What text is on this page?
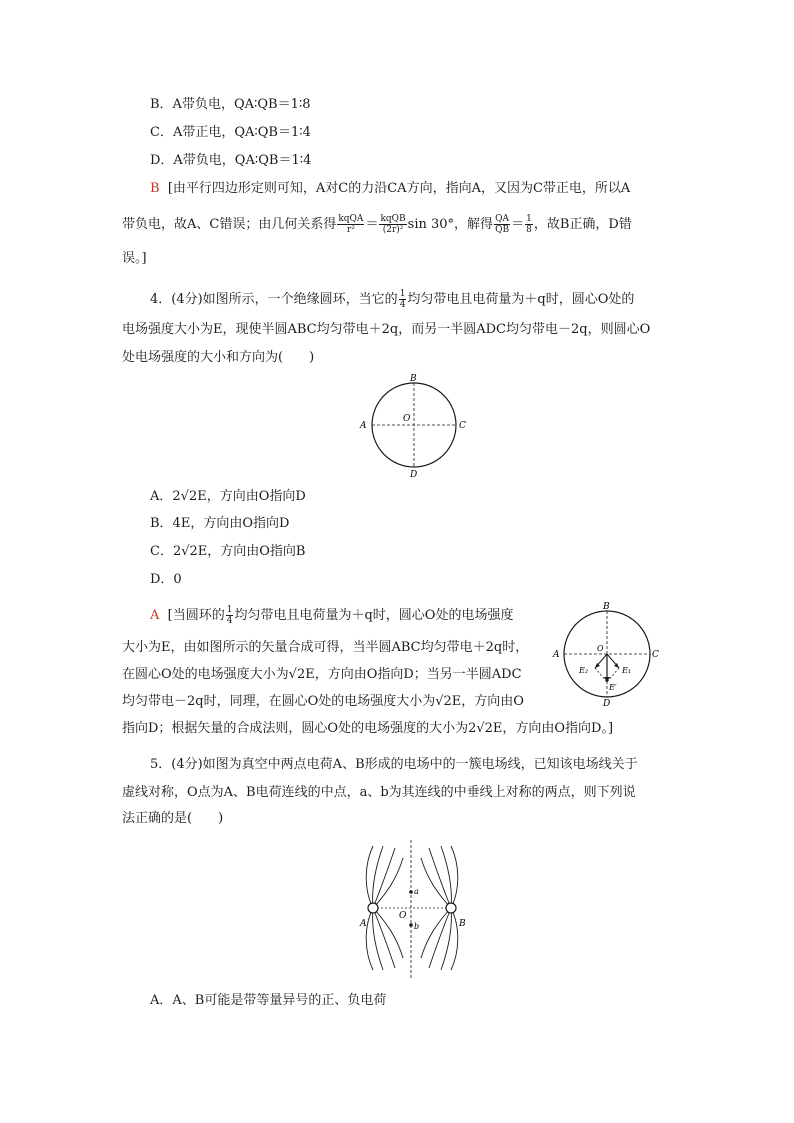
B．A带负电，QA∶QB＝1∶8
C．A带正电，QA∶QB＝1∶4
D．A带负电，QA∶QB＝1∶4
B [由平行四边形定则可知，A对C的力沿CA方向，指向A，又因为C带正电，所以A
带负电，故A、C错误；由几何关系得 $\frac{\text{kqQA}}{\text{r²}} = \frac{\text{kqQB}}{\text{(2r)²}}$ sin 30°，解得 $\frac{QA}{QB} = \frac{1}{8}$ ，故B正确，D错
误。]
4．(4分)如图所示，一个绝缘圆环，当它的 $\frac{1}{4}$ 均匀带电且电荷量为＋q时，圆心O处的
电场强度大小为E，现使半圆ABC均匀带电＋2q，而另一半圆ADC均匀带电－2q，则圆心O
处电场强度的大小和方向为(　　)
B
D
A	C
O
A．2√2E，方向由O指向D
B．4E，方向由O指向D
C．2√2E，方向由O指向B
D．0
A [当圆环的 $\frac{1}{4}$ 均匀带电且电荷量为＋q时，圆心O处的电场强度
大小为E，由如图所示的矢量合成可得，当半圆ABC均匀带电＋2q时，
在圆心O处的电场强度大小为√2E，方向由O指向D；当另一半圆ADC
均匀带电－2q时，同理，在圆心O处的电场强度大小为√2E，方向由O
指向D；根据矢量的合成法则，圆心O处的电场强度的大小为2√2E，方向由O指向D。]
B
D
A	C
O
E₁
E₂
E′
5．(4分)如图为真空中两点电荷A、B形成的电场中的一簇电场线，已知该电场线关于
虚线对称，O点为A、B电荷连线的中点，a、b为其连线的中垂线上对称的两点，则下列说
法正确的是(　　)
A	B
O
a
b
A．A、B可能是带等量异号的正、负电荷
